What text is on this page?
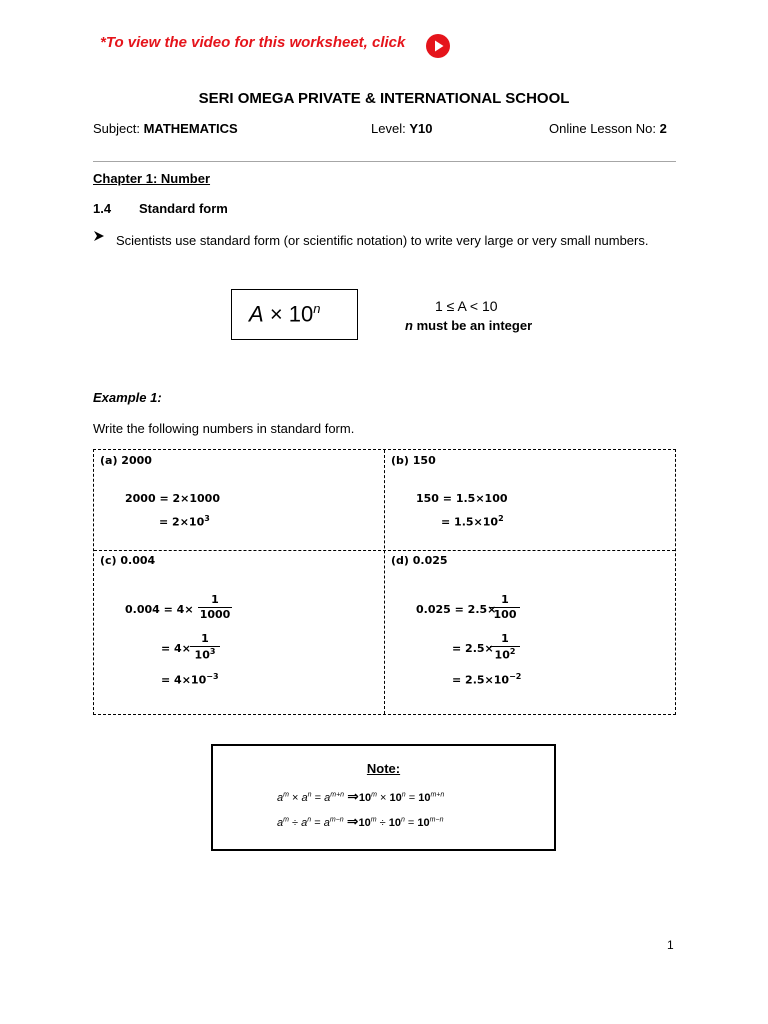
*To view the video for this worksheet, click
SERI OMEGA PRIVATE & INTERNATIONAL SCHOOL
Subject: MATHEMATICS	Level: Y10	Online Lesson No: 2
Chapter 1: Number
1.4 Standard form
Scientists use standard form (or scientific notation) to write very large or very small numbers.
$A \times 10^n$	1 ≤ A < 10
n must be an integer
Example 1:
Write the following numbers in standard form.
(a) 2000
2000 = 2×1000
= $2\times 10^3$
(b) 150
150 = 1.5×100
= $1.5\times 10^2$
(c) 0.004
0.004 = 4×
1
1000
= 4×
1
$10^3$
= $4\times 10^{-3}$
(d) 0.025
0.025 = 2.5×
1
100
= 2.5×
1
$10^2$
= $2.5\times 10^{-2}$
Note:
$a^m \times a^n = a^{m+n}$ $\Rightarrow 10^m \times 10^n = 10^{m+n}$
$a^m \div a^n = a^{m-n}$ $\Rightarrow 10^m \div 10^n = 10^{m-n}$
1
